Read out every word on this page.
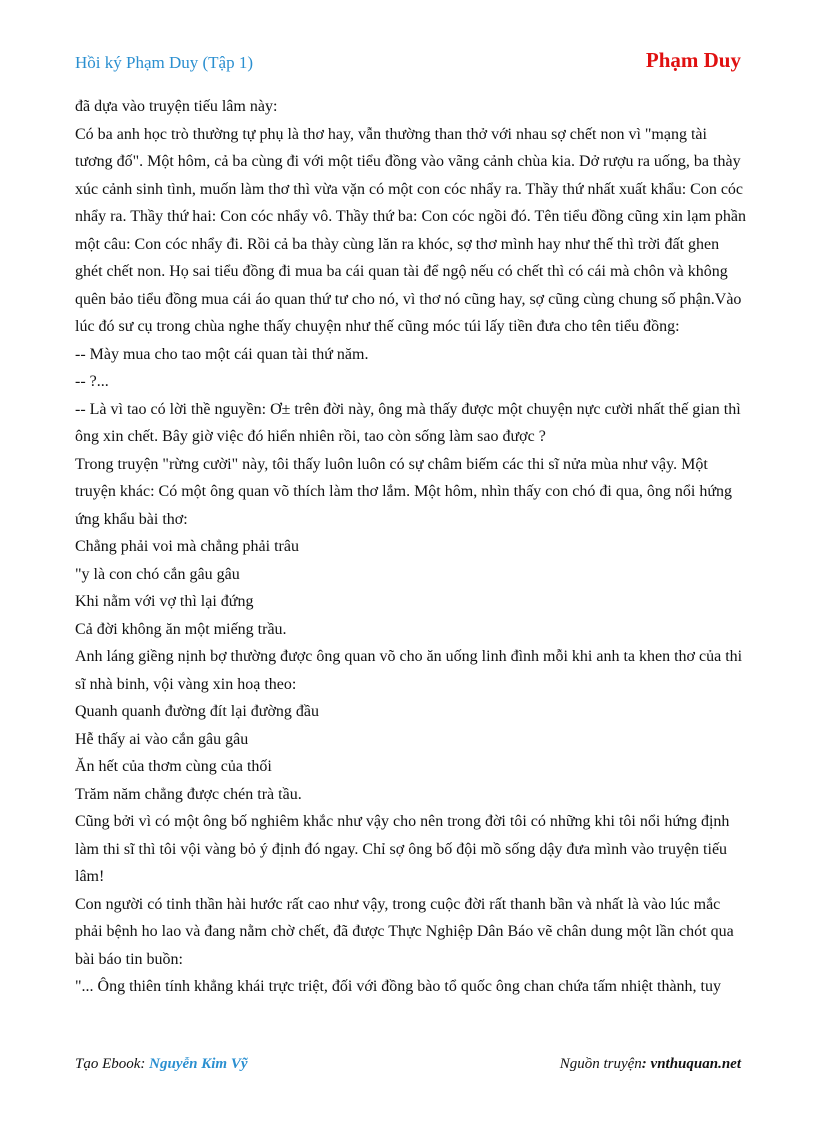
Hồi ký Phạm Duy (Tập 1)	Phạm Duy

đã dựa vào truyện tiếu lâm này:

Có ba anh học trò thường tự phụ là thơ hay, vẫn thường than thở với nhau sợ chết non vì "mạng tài tương đố". Một hôm, cả ba cùng đi với một tiểu đồng vào vãng cảnh chùa kia. Dở rượu ra uống, ba thày xúc cảnh sinh tình, muốn làm thơ thì vừa vặn có một con cóc nhẩy ra. Thầy thứ nhất xuất khẩu: Con cóc nhẩy ra. Thầy thứ hai: Con cóc nhẩy vô. Thầy thứ ba: Con cóc ngồi đó. Tên tiểu đồng cũng xin lạm phần một câu: Con cóc nhẩy đi. Rồi cả ba thày cùng lăn ra khóc, sợ thơ mình hay như thế thì trời đất ghen ghét chết non. Họ sai tiểu đồng đi mua ba cái quan tài để ngộ nếu có chết thì có cái mà chôn và không quên bảo tiểu đồng mua cái áo quan thứ tư cho nó, vì thơ nó cũng hay, sợ cũng cùng chung số phận.Vào lúc đó sư cụ trong chùa nghe thấy chuyện như thế cũng móc túi lấy tiền đưa cho tên tiểu đồng:

-- Mày mua cho tao một cái quan tài thứ năm.

-- ?...

-- Là vì tao có lời thề nguyền: Ơ± trên đời này, ông mà thấy được một chuyện nực cười nhất thế gian thì ông xin chết. Bây giờ việc đó hiển nhiên rồi, tao còn sống làm sao được ?

Trong truyện "rừng cười" này, tôi thấy luôn luôn có sự châm biếm các thi sĩ nửa mùa như vậy. Một truyện khác: Có một ông quan võ thích làm thơ lắm. Một hôm, nhìn thấy con chó đi qua, ông nổi hứng ứng khẩu bài thơ:

Chẳng phải voi mà chẳng phải trâu

"y là con chó cắn gâu gâu

Khi nằm với vợ thì lại đứng

Cả đời không ăn một miếng trầu.

Anh láng giềng nịnh bợ thường được ông quan võ cho ăn uống linh đình mỗi khi anh ta khen thơ của thi sĩ nhà binh, vội vàng xin hoạ theo:

Quanh quanh đường đít lại đường đầu

Hễ thấy ai vào cắn gâu gâu

Ăn hết của thơm cùng của thối

Trăm năm chẳng được chén trà tầu.

Cũng bởi vì có một ông bố nghiêm khắc như vậy cho nên trong đời tôi có những khi tôi nổi hứng định làm thi sĩ thì tôi vội vàng bỏ ý định đó ngay. Chỉ sợ ông bố đội mồ sống dậy đưa mình vào truyện tiếu lâm!

Con người có tinh thần hài hước rất cao như vậy, trong cuộc đời rất thanh bần và nhất là vào lúc mắc phải bệnh ho lao và đang nằm chờ chết, đã được Thực Nghiệp Dân Báo vẽ chân dung một lần chót qua bài báo tin buồn:

"... Ông thiên tính khẳng khái trực triệt, đối với đồng bào tổ quốc ông chan chứa tấm nhiệt thành, tuy

Tạo Ebook: Nguyễn Kim Vỹ	Nguồn truyện: vnthuquan.net
